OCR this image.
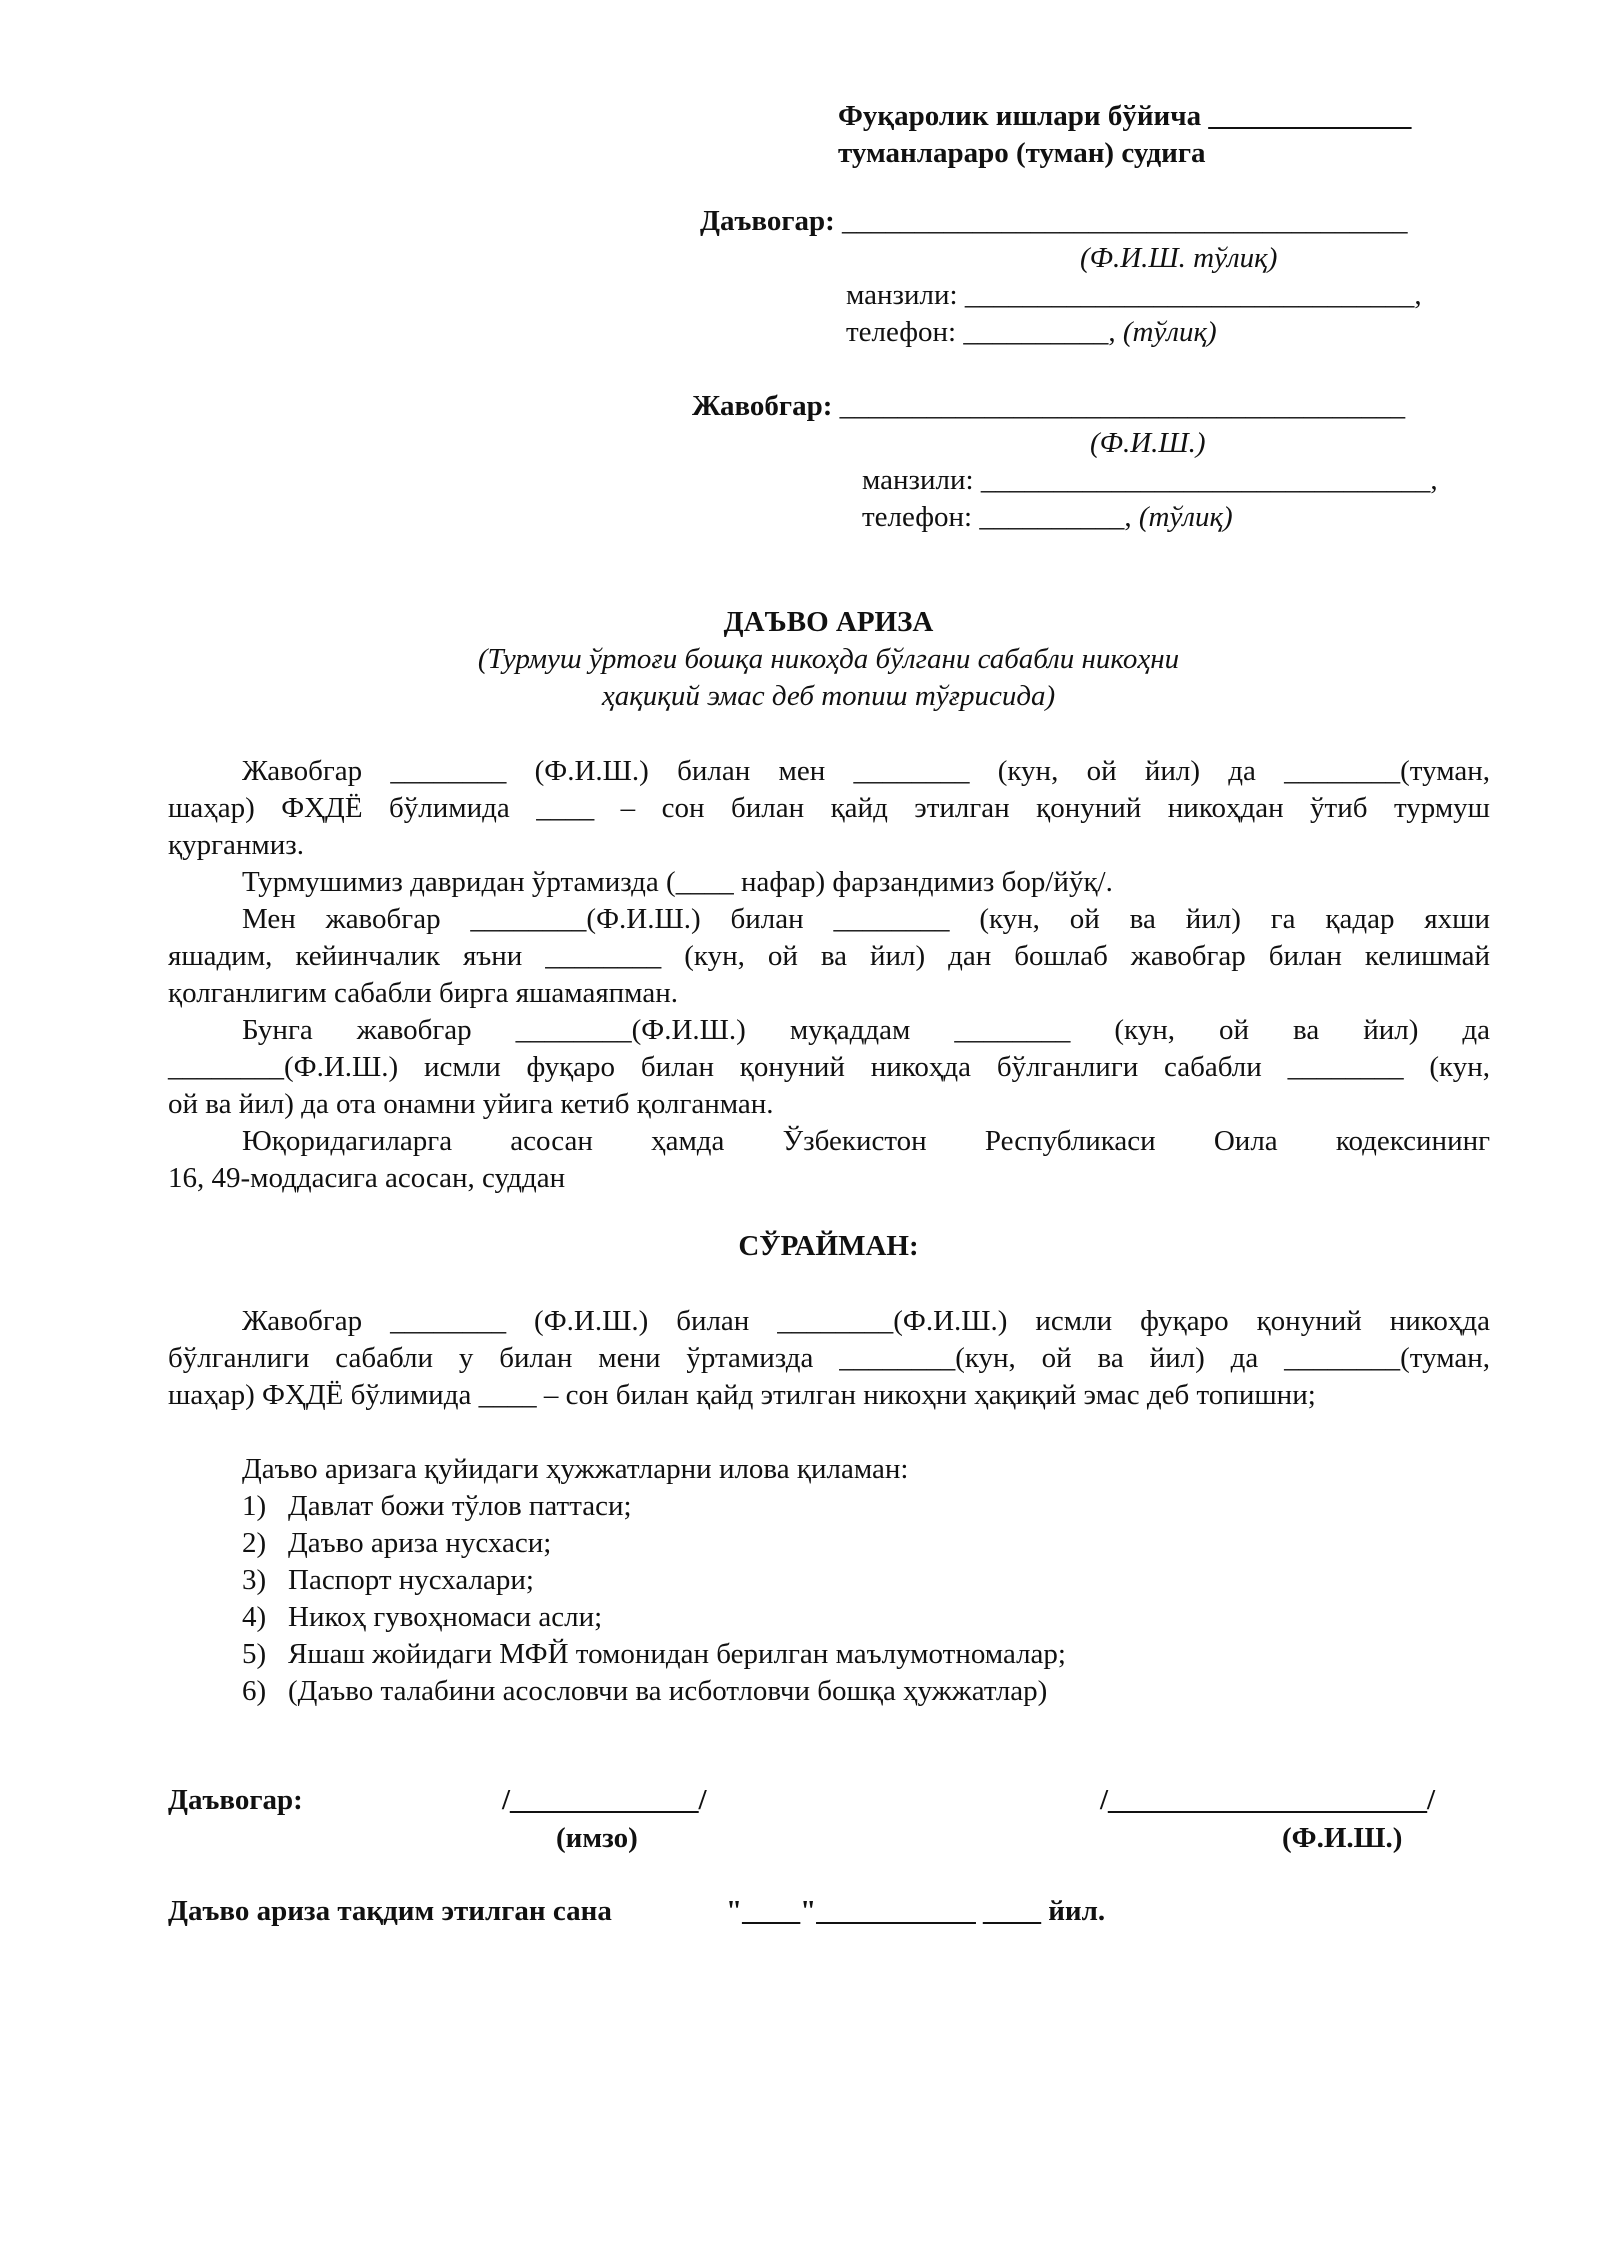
Фуқаролик ишлари бўйича ______________
туманлараро (туман) судига
Даъвогар: _______________________________________
(Ф.И.Ш. тўлиқ)
манзили: _______________________________,
телефон: __________, (тўлиқ)
Жавобгар: _______________________________________
(Ф.И.Ш.)
манзили: _______________________________,
телефон: __________, (тўлиқ)
ДАЪВО АРИЗА
(Турмуш ўртоғи бошқа никоҳда бўлгани сабабли никоҳни
ҳақиқий эмас деб топиш тўғрисида)
Жавобгар ________ (Ф.И.Ш.) билан мен ________ (кун, ой йил) да ________(туман,
шаҳар) ФҲДЁ бўлимида ____ – сон билан қайд этилган қонуний никоҳдан ўтиб турмуш
қурганмиз.
Турмушимиз давридан ўртамизда (____ нафар) фарзандимиз бор/йўқ/.
Мен жавобгар ________(Ф.И.Ш.) билан ________ (кун, ой ва йил) га қадар яхши
яшадим, кейинчалик яъни ________ (кун, ой ва йил) дан бошлаб жавобгар билан келишмай
қолганлигим сабабли бирга яшамаяпман.
Бунга жавобгар ________(Ф.И.Ш.) муқаддам ________ (кун, ой ва йил) да
________(Ф.И.Ш.) исмли фуқаро билан қонуний никоҳда бўлганлиги сабабли ________ (кун,
ой ва йил) да ота онамни уйига кетиб қолганман.
Юқоридагиларга асосан ҳамда Ўзбекистон Республикаси Оила кодексининг
16, 49-моддасига асосан, суддан
СЎРАЙМАН:
Жавобгар ________ (Ф.И.Ш.) билан ________(Ф.И.Ш.) исмли фуқаро қонуний никоҳда
бўлганлиги сабабли у билан мени ўртамизда ________(кун, ой ва йил) да ________(туман,
шаҳар) ФҲДЁ бўлимида ____ – сон билан қайд этилган никоҳни ҳақиқий эмас деб топишни;
Даъво аризага қуйидаги ҳужжатларни илова қиламан:
1) Давлат божи тўлов паттаси;
2) Даъво ариза нусхаси;
3) Паспорт нусхалари;
4) Никоҳ гувоҳномаси асли;
5) Яшаш жойидаги МФЙ томонидан берилган маълумотномалар;
6) (Даъво талабини асословчи ва исботловчи бошқа ҳужжатлар)
Даъвогар:	/_____________/	/______________________/
(имзо)	(Ф.И.Ш.)
Даъво ариза тақдим этилган сана	"____"___________ ____ йил.
